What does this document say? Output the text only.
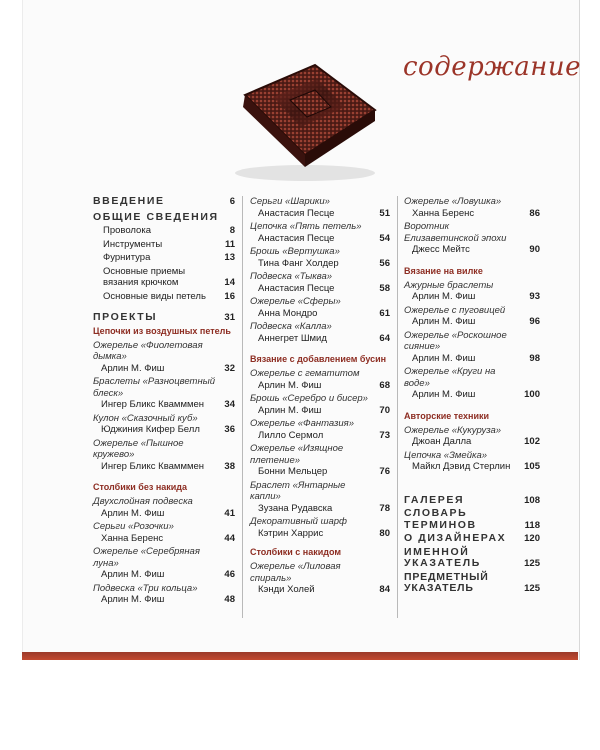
содержание
ВВЕДЕНИЕ	6
ОБЩИЕ СВЕДЕНИЯ
Проволока	8
Инструменты	11
Фурнитура	13
Основные приемы вязания крючком	14
Основные виды петель	16
ПРОЕКТЫ	31
Цепочки из воздушных петель
Ожерелье «Фиолетовая дымка»
Арлин М. Фиш	32
Браслеты «Разноцветный блеск»
Ингер Бликс Квамммен	34
Кулон «Сказочный куб»
Юджиния Кифер Белл	36
Ожерелье «Пышное кружево»
Ингер Бликс Квамммен	38
Столбики без накида
Двухслойная подвеска
Арлин М. Фиш	41
Серьги «Розочки»
Ханна Беренс	44
Ожерелье «Серебряная луна»
Арлин М. Фиш	46
Подвеска «Три кольца»
Арлин М. Фиш	48
Серьги «Шарики»
Анастасия Песце	51
Цепочка «Пять петель»
Анастасия Песце	54
Брошь «Вертушка»
Тина Фанг Холдер	56
Подвеска «Тыква»
Анастасия Песце	58
Ожерелье «Сферы»
Анна Мондро	61
Подвеска «Калла»
Аннегрет Шмид	64
Вязание с добавлением бусин
Ожерелье с гематитом
Арлин М. Фиш	68
Брошь «Серебро и бисер»
Арлин М. Фиш	70
Ожерелье «Фантазия»
Лилло Сермол	73
Ожерелье «Изящное плетение»
Бонни Мельцер	76
Браслет «Янтарные капли»
Зузана Рудавска	78
Декоративный шарф
Кэтрин Харрис	80
Столбики с накидом
Ожерелье «Лиловая спираль»
Кэнди Холей	84
Ожерелье «Ловушка»
Ханна Беренс	86
Воротник Елизаветинской эпохи
Джесс Мейтс	90
Вязание на вилке
Ажурные браслеты
Арлин М. Фиш	93
Ожерелье с пуговицей
Арлин М. Фиш	96
Ожерелье «Роскошное сияние»
Арлин М. Фиш	98
Ожерелье «Круги на воде»
Арлин М. Фиш	100
Авторские техники
Ожерелье «Кукуруза»
Джоан Далла	102
Цепочка «Змейка»
Майкл Дэвид Стерлин	105
ГАЛЕРЕЯ	108
СЛОВАРЬ ТЕРМИНОВ	118
О ДИЗАЙНЕРАХ	120
ИМЕННОЙ УКАЗАТЕЛЬ	125
ПРЕДМЕТНЫЙ УКАЗАТЕЛЬ	125
